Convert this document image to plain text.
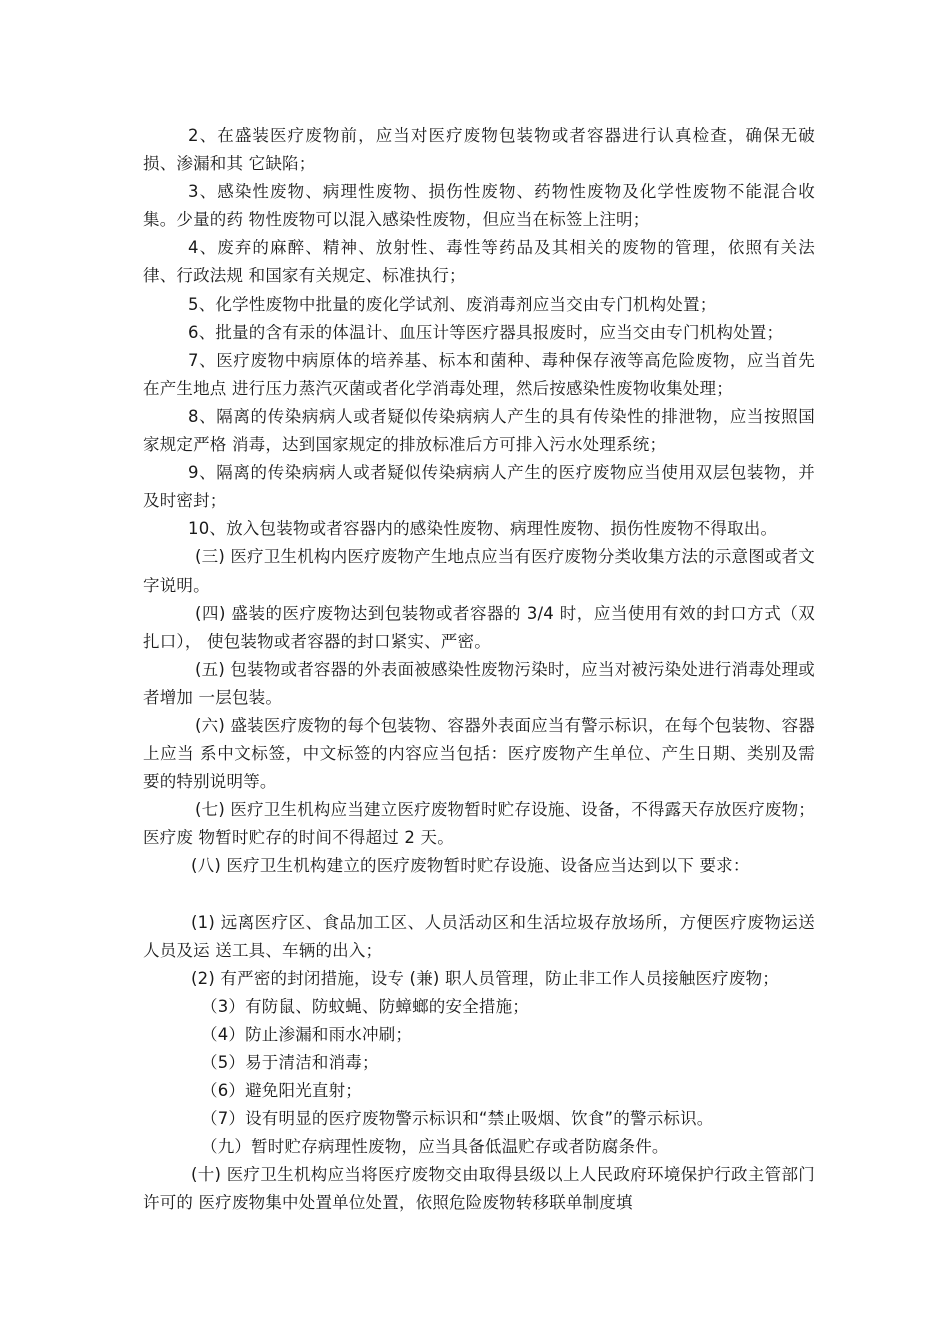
2、在盛装医疗废物前，应当对医疗废物包装物或者容器进行认真检查，确保无破损、渗漏和其 它缺陷；

3、感染性废物、病理性废物、损伤性废物、药物性废物及化学性废物不能混合收集。少量的药 物性废物可以混入感染性废物，但应当在标签上注明；

4、废弃的麻醉、精神、放射性、毒性等药品及其相关的废物的管理，依照有关法律、行政法规 和国家有关规定、标准执行；

5、化学性废物中批量的废化学试剂、废消毒剂应当交由专门机构处置；

6、批量的含有汞的体温计、血压计等医疗器具报废时，应当交由专门机构处置；

7、医疗废物中病原体的培养基、标本和菌种、毒种保存液等高危险废物，应当首先在产生地点 进行压力蒸汽灭菌或者化学消毒处理，然后按感染性废物收集处理；

8、隔离的传染病病人或者疑似传染病病人产生的具有传染性的排泄物，应当按照国家规定严格 消毒，达到国家规定的排放标准后方可排入污水处理系统；

9、隔离的传染病病人或者疑似传染病病人产生的医疗废物应当使用双层包装物，并及时密封；

10、放入包装物或者容器内的感染性废物、病理性废物、损伤性废物不得取出。

(三) 医疗卫生机构内医疗废物产生地点应当有医疗废物分类收集方法的示意图或者文字说明。

(四) 盛装的医疗废物达到包装物或者容器的 3/4 时，应当使用有效的封口方式（双扎口）， 使包装物或者容器的封口紧实、严密。

(五) 包装物或者容器的外表面被感染性废物污染时，应当对被污染处进行消毒处理或者增加 一层包装。

(六) 盛装医疗废物的每个包装物、容器外表面应当有警示标识，在每个包装物、容器上应当 系中文标签，中文标签的内容应当包括：医疗废物产生单位、产生日期、类别及需要的特别说明等。

(七) 医疗卫生机构应当建立医疗废物暂时贮存设施、设备，不得露天存放医疗废物；医疗废 物暂时贮存的时间不得超过 2 天。

(八) 医疗卫生机构建立的医疗废物暂时贮存设施、设备应当达到以下 要求：

(1) 远离医疗区、食品加工区、人员活动区和生活垃圾存放场所，方便医疗废物运送人员及运 送工具、车辆的出入；

(2) 有严密的封闭措施，设专 (兼) 职人员管理，防止非工作人员接触医疗废物；

（3）有防鼠、防蚊蝇、防蟑螂的安全措施；

（4）防止渗漏和雨水冲刷；

（5）易于清洁和消毒；

（6）避免阳光直射；

（7）设有明显的医疗废物警示标识和“禁止吸烟、饮食”的警示标识。

（九）暂时贮存病理性废物，应当具备低温贮存或者防腐条件。

(十) 医疗卫生机构应当将医疗废物交由取得县级以上人民政府环境保护行政主管部门许可的 医疗废物集中处置单位处置，依照危险废物转移联单制度填
